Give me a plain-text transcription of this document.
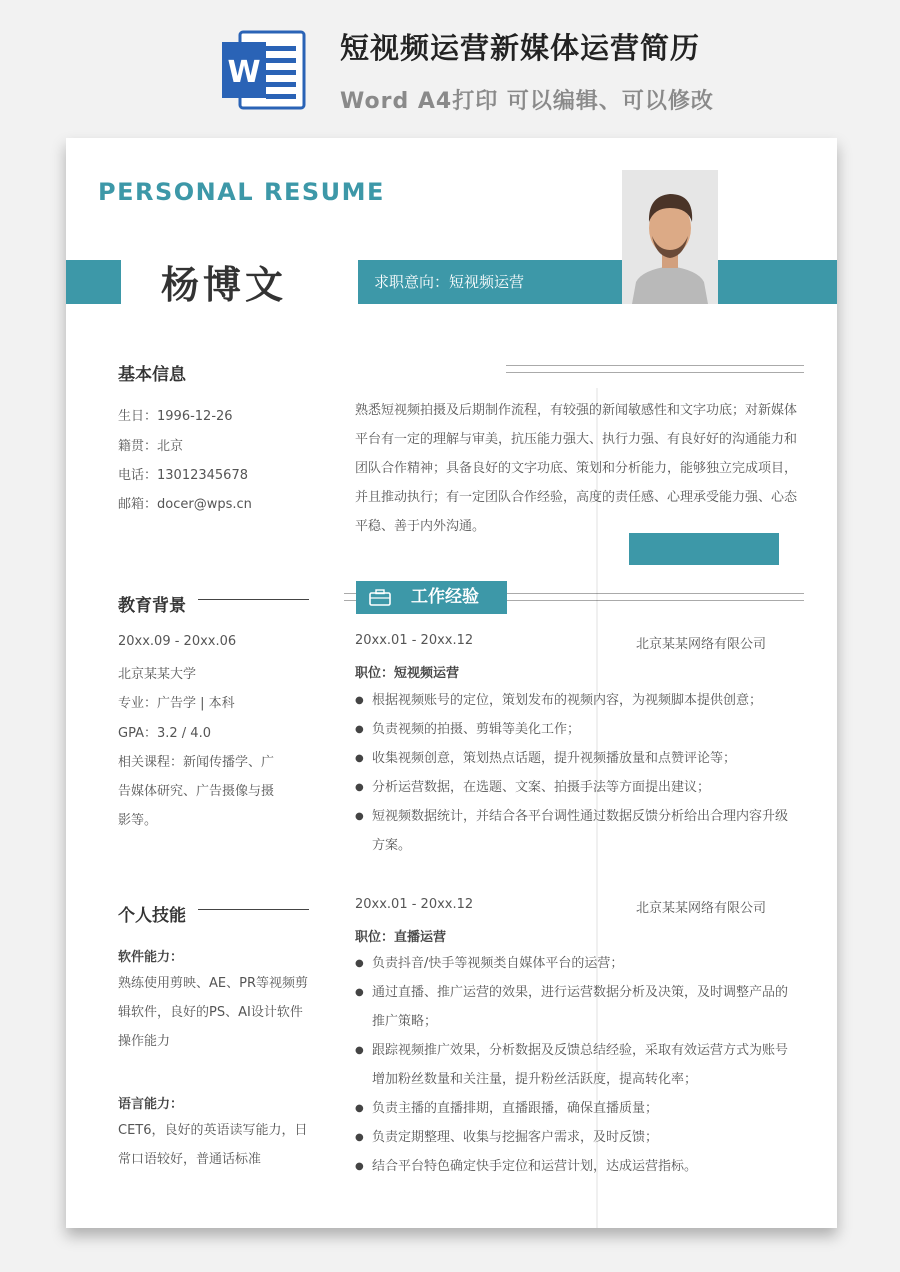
W
短视频运营新媒体运营简历
Word A4打印 可以编辑、可以修改
PERSONAL RESUME
杨博文	求职意向：短视频运营
基本信息
生日：1996-12-26
籍贯：北京
电话：13012345678
邮箱：docer@wps.cn
教育背景
20xx.09 - 20xx.06
北京某某大学
专业：广告学 | 本科
GPA：3.2 / 4.0
相关课程：新闻传播学、广
告媒体研究、广告摄像与摄
影等。
个人技能
软件能力：
熟练使用剪映、AE、PR等视频剪辑软件，良好的PS、AI设计软件操作能力
语言能力：
CET6，良好的英语读写能力，日常口语较好，普通话标准
熟悉短视频拍摄及后期制作流程，有较强的新闻敏感性和文字功底；对新媒体平台有一定的理解与审美，抗压能力强大、执行力强、有良好好的沟通能力和团队合作精神；具备良好的文字功底、策划和分析能力，能够独立完成项目，并且推动执行；有一定团队合作经验，高度的责任感、心理承受能力强、心态平稳、善于内外沟通。
工作经验
20xx.01 - 20xx.12	北京某某网络有限公司
职位：短视频运营
● 根据视频账号的定位，策划发布的视频内容，为视频脚本提供创意；
● 负责视频的拍摄、剪辑等美化工作；
● 收集视频创意，策划热点话题，提升视频播放量和点赞评论等；
● 分析运营数据，在选题、文案、拍摄手法等方面提出建议；
● 短视频数据统计，并结合各平台调性通过数据反馈分析给出合理内容升级方案。
20xx.01 - 20xx.12	北京某某网络有限公司
职位：直播运营
● 负责抖音/快手等视频类自媒体平台的运营；
● 通过直播、推广运营的效果，进行运营数据分析及决策，及时调整产品的推广策略；
● 跟踪视频推广效果，分析数据及反馈总结经验，采取有效运营方式为账号增加粉丝数量和关注量，提升粉丝活跃度，提高转化率；
● 负责主播的直播排期，直播跟播，确保直播质量；
● 负责定期整理、收集与挖掘客户需求，及时反馈；
● 结合平台特色确定快手定位和运营计划，达成运营指标。
